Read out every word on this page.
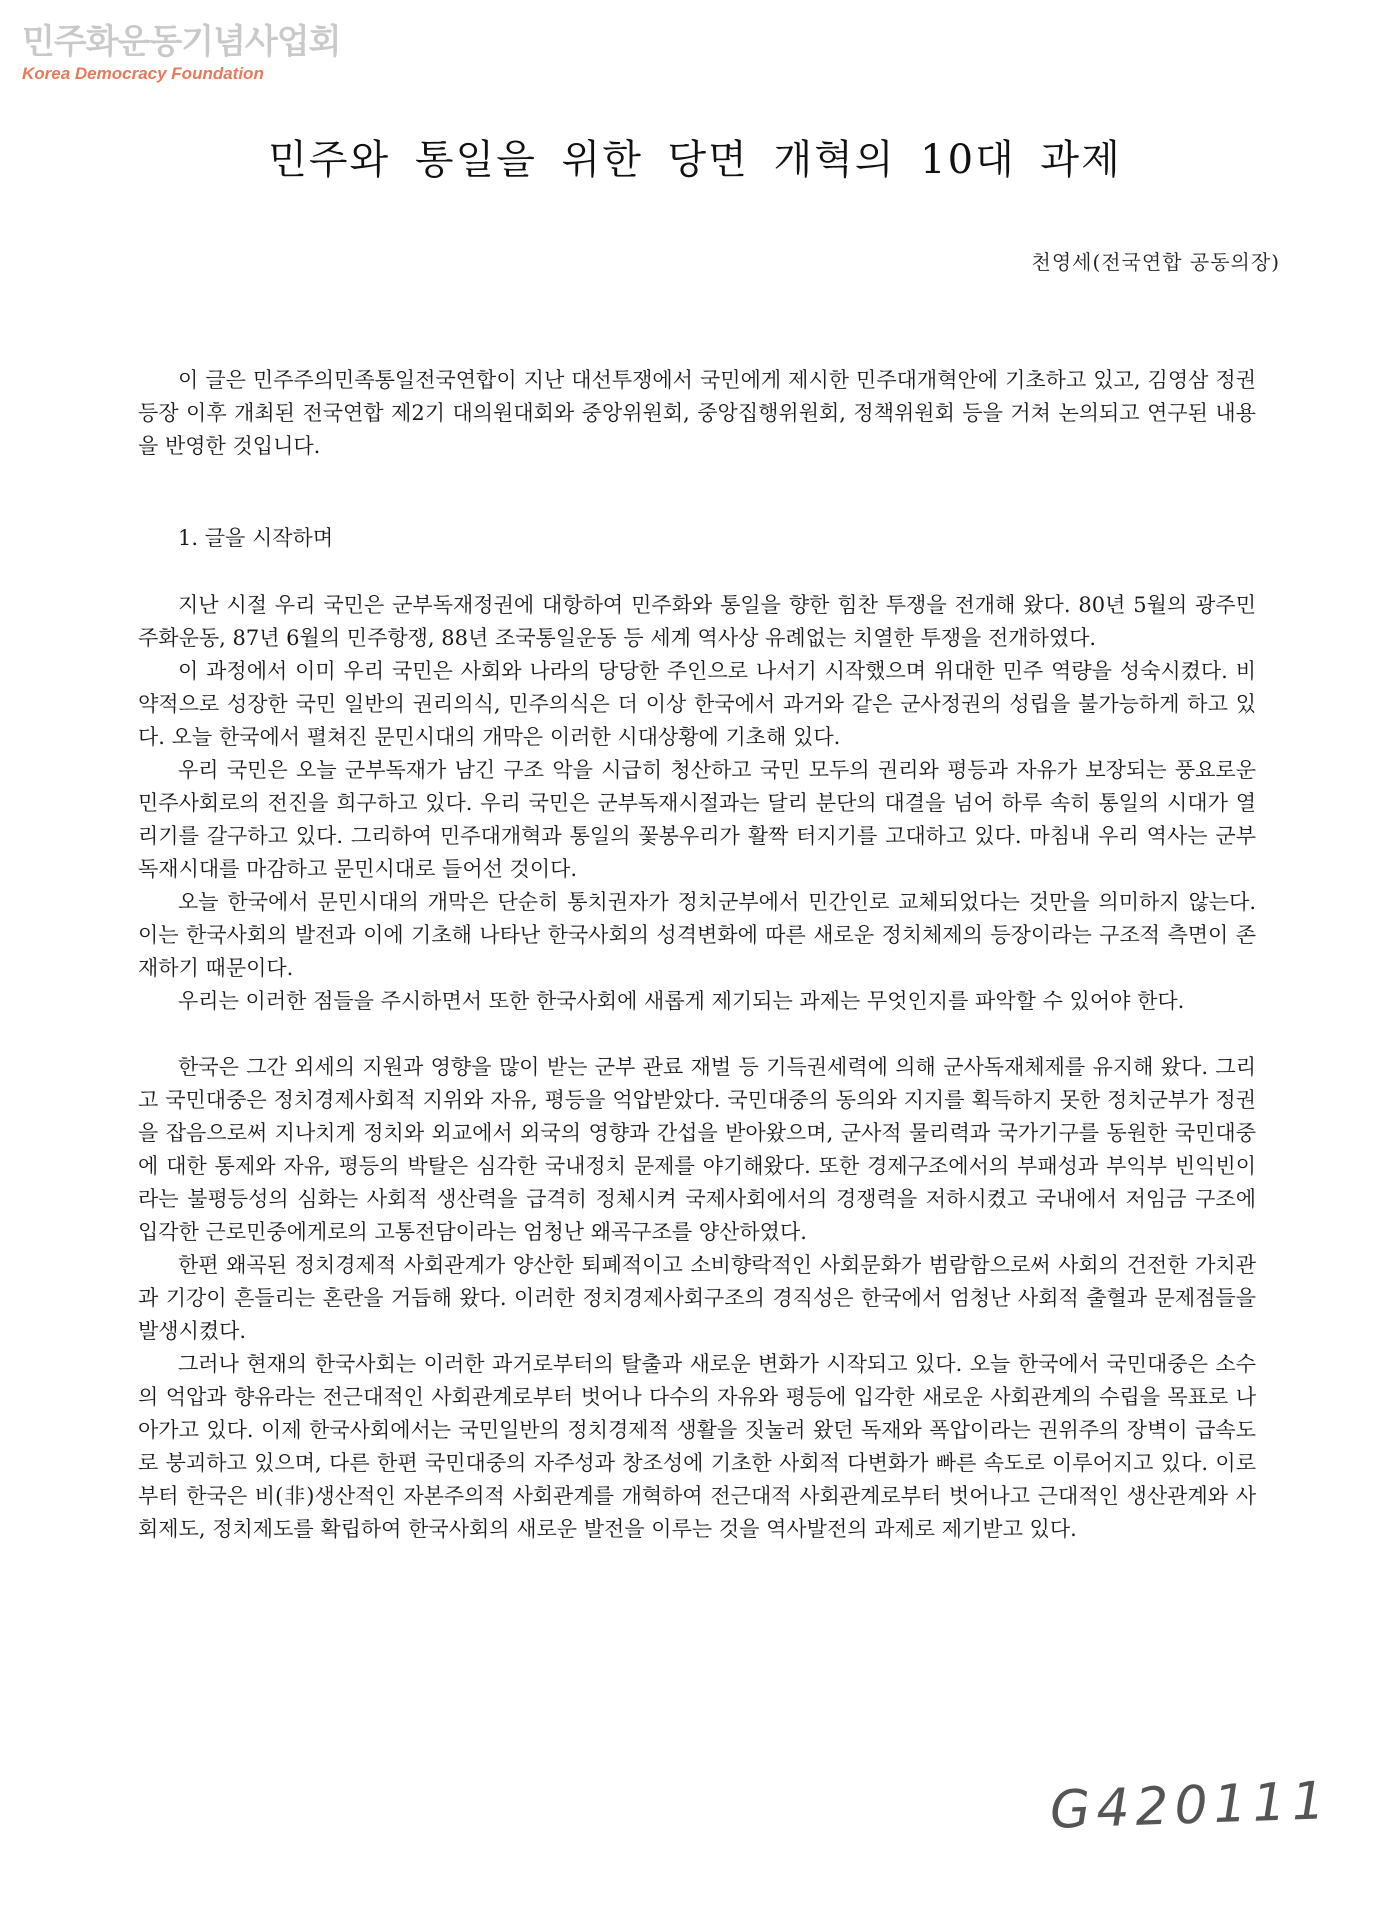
민주화운동기념사업회
Korea Democracy Foundation
민주와 통일을 위한 당면 개혁의 10대 과제
천영세(전국연합 공동의장)

이 글은 민주주의민족통일전국연합이 지난 대선투쟁에서 국민에게 제시한 민주대개혁안에 기초하고 있고, 김영삼 정권 등장 이후 개최된 전국연합 제2기 대의원대회와 중앙위원회, 중앙집행위원회, 정책위원회 등을 거쳐 논의되고 연구된 내용을 반영한 것입니다.

1. 글을 시작하며

지난 시절 우리 국민은 군부독재정권에 대항하여 민주화와 통일을 향한 힘찬 투쟁을 전개해 왔다. 80년 5월의 광주민주화운동, 87년 6월의 민주항쟁, 88년 조국통일운동 등 세계 역사상 유례없는 치열한 투쟁을 전개하였다.

이 과정에서 이미 우리 국민은 사회와 나라의 당당한 주인으로 나서기 시작했으며 위대한 민주 역량을 성숙시켰다. 비약적으로 성장한 국민 일반의 권리의식, 민주의식은 더 이상 한국에서 과거와 같은 군사정권의 성립을 불가능하게 하고 있다. 오늘 한국에서 펼쳐진 문민시대의 개막은 이러한 시대상황에 기초해 있다.

우리 국민은 오늘 군부독재가 남긴 구조 악을 시급히 청산하고 국민 모두의 권리와 평등과 자유가 보장되는 풍요로운 민주사회로의 전진을 희구하고 있다. 우리 국민은 군부독재시절과는 달리 분단의 대결을 넘어 하루 속히 통일의 시대가 열리기를 갈구하고 있다. 그리하여 민주대개혁과 통일의 꽃봉우리가 활짝 터지기를 고대하고 있다. 마침내 우리 역사는 군부독재시대를 마감하고 문민시대로 들어선 것이다.

오늘 한국에서 문민시대의 개막은 단순히 통치권자가 정치군부에서 민간인로 교체되었다는 것만을 의미하지 않는다. 이는 한국사회의 발전과 이에 기초해 나타난 한국사회의 성격변화에 따른 새로운 정치체제의 등장이라는 구조적 측면이 존재하기 때문이다.

우리는 이러한 점들을 주시하면서 또한 한국사회에 새롭게 제기되는 과제는 무엇인지를 파악할 수 있어야 한다.

한국은 그간 외세의 지원과 영향을 많이 받는 군부 관료 재벌 등 기득권세력에 의해 군사독재체제를 유지해 왔다. 그리고 국민대중은 정치경제사회적 지위와 자유, 평등을 억압받았다. 국민대중의 동의와 지지를 획득하지 못한 정치군부가 정권을 잡음으로써 지나치게 정치와 외교에서 외국의 영향과 간섭을 받아왔으며, 군사적 물리력과 국가기구를 동원한 국민대중에 대한 통제와 자유, 평등의 박탈은 심각한 국내정치 문제를 야기해왔다. 또한 경제구조에서의 부패성과 부익부 빈익빈이라는 불평등성의 심화는 사회적 생산력을 급격히 정체시켜 국제사회에서의 경쟁력을 저하시켰고 국내에서 저임금 구조에 입각한 근로민중에게로의 고통전담이라는 엄청난 왜곡구조를 양산하였다.

한편 왜곡된 정치경제적 사회관계가 양산한 퇴폐적이고 소비향락적인 사회문화가 범람함으로써 사회의 건전한 가치관과 기강이 흔들리는 혼란을 거듭해 왔다. 이러한 정치경제사회구조의 경직성은 한국에서 엄청난 사회적 출혈과 문제점들을 발생시켰다.

그러나 현재의 한국사회는 이러한 과거로부터의 탈출과 새로운 변화가 시작되고 있다. 오늘 한국에서 국민대중은 소수의 억압과 향유라는 전근대적인 사회관계로부터 벗어나 다수의 자유와 평등에 입각한 새로운 사회관계의 수립을 목표로 나아가고 있다. 이제 한국사회에서는 국민일반의 정치경제적 생활을 짓눌러 왔던 독재와 폭압이라는 권위주의 장벽이 급속도로 붕괴하고 있으며, 다른 한편 국민대중의 자주성과 창조성에 기초한 사회적 다변화가 빠른 속도로 이루어지고 있다. 이로부터 한국은 비(非)생산적인 자본주의적 사회관계를 개혁하여 전근대적 사회관계로부터 벗어나고 근대적인 생산관계와 사회제도, 정치제도를 확립하여 한국사회의 새로운 발전을 이루는 것을 역사발전의 과제로 제기받고 있다.

G420111
